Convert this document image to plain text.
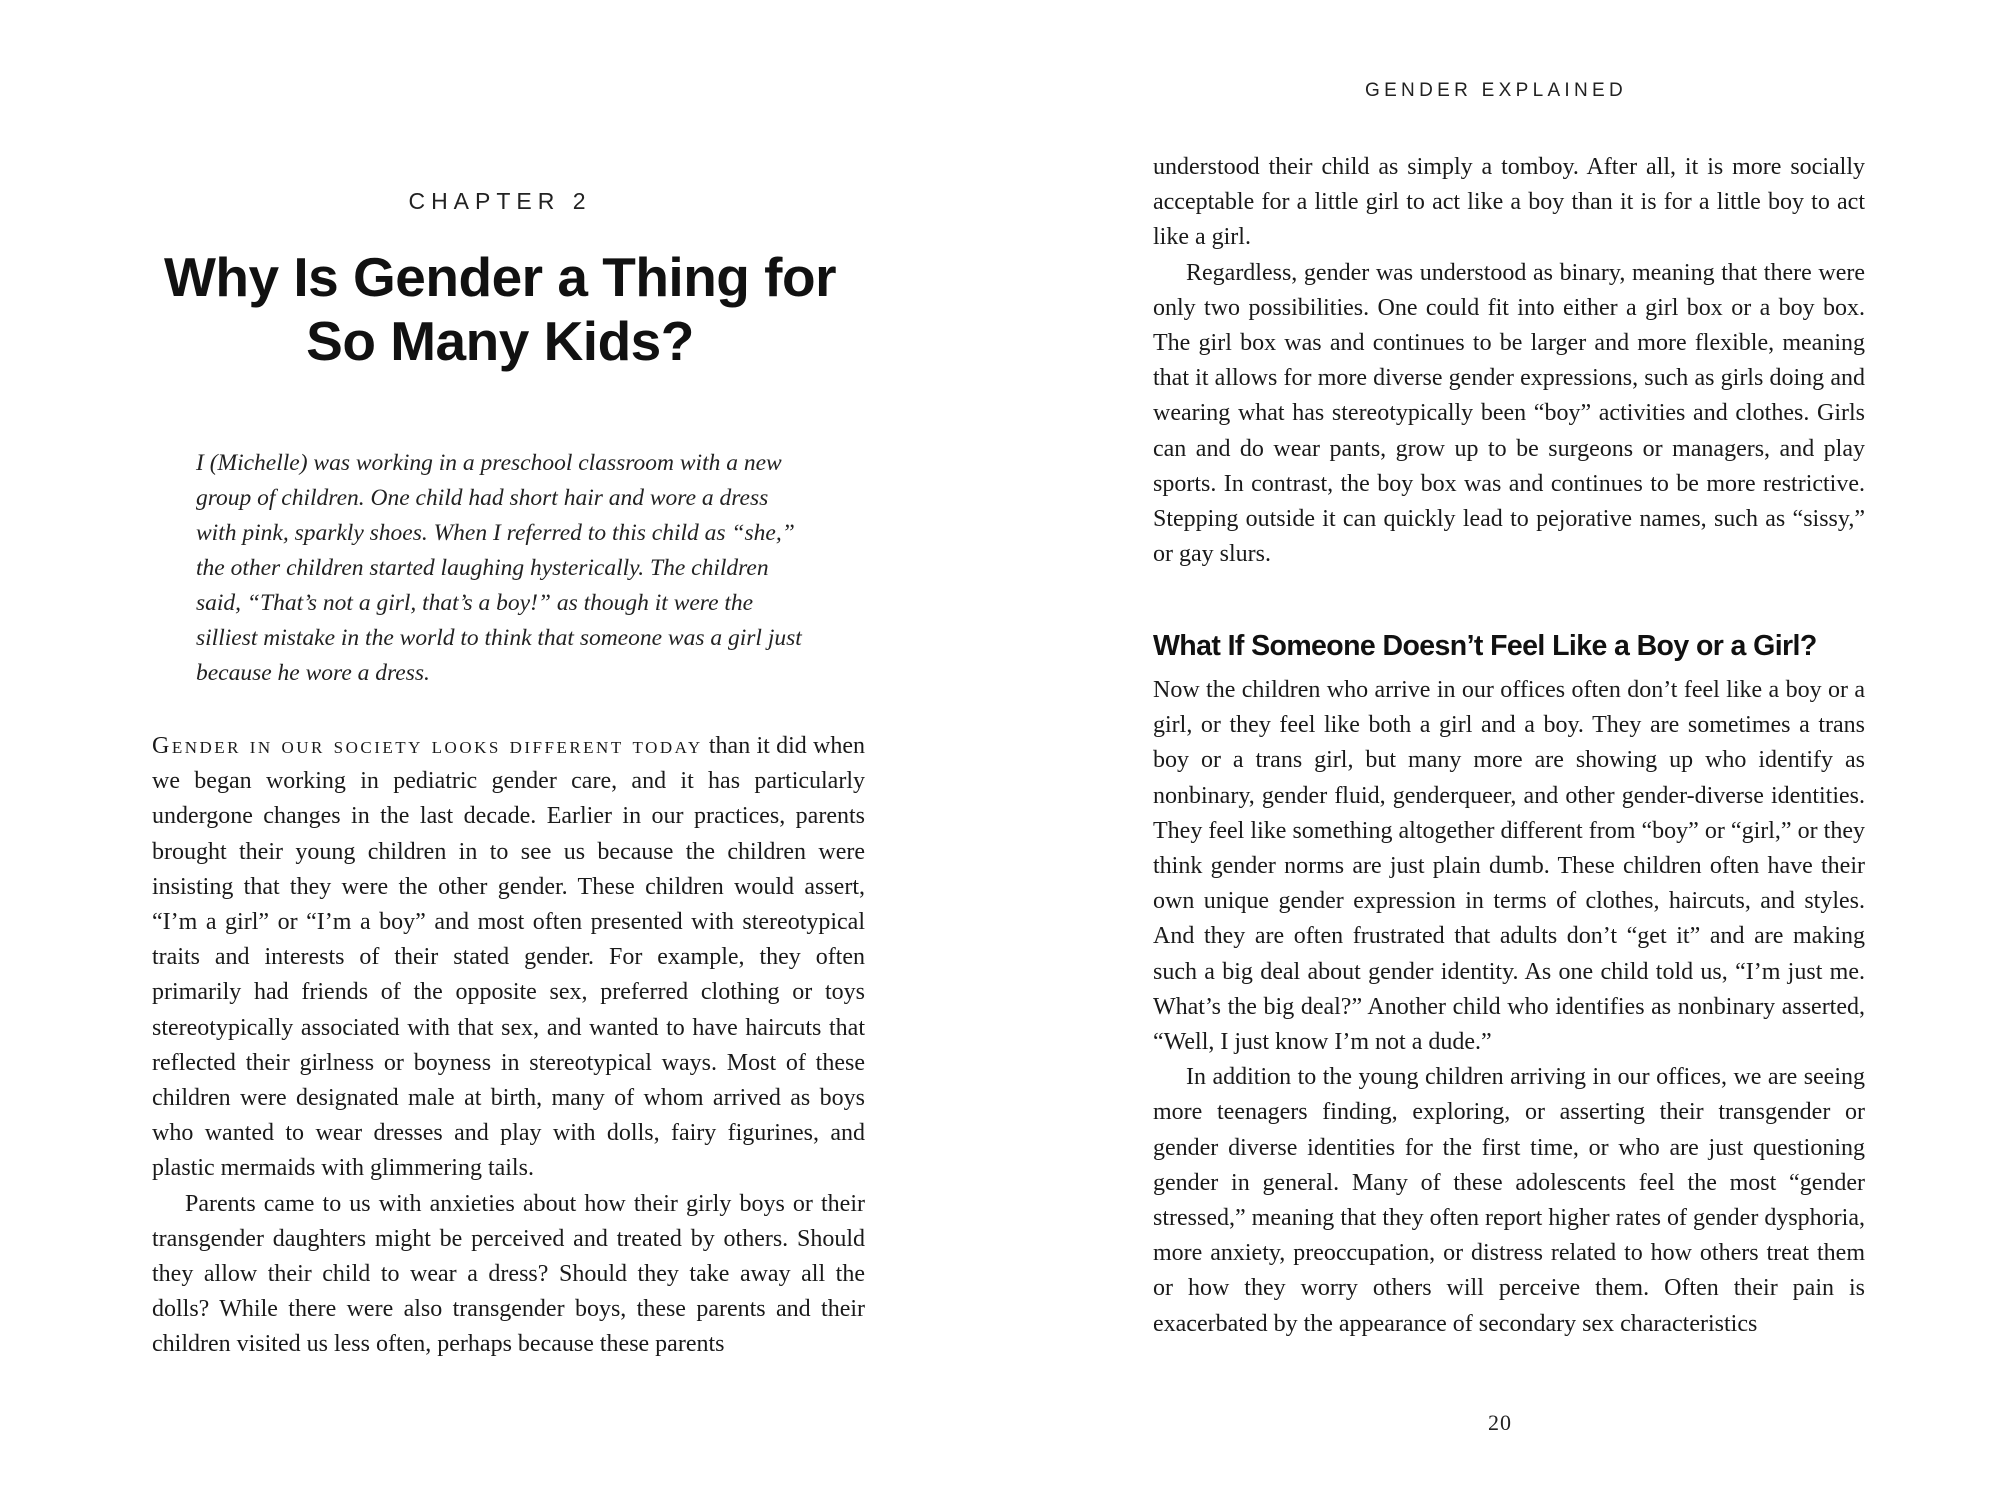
CHAPTER 2
Why Is Gender a Thing for So Many Kids?

I (Michelle) was working in a preschool classroom with a new group of children. One child had short hair and wore a dress with pink, sparkly shoes. When I referred to this child as “she,” the other children started laughing hysterically. The children said, “That’s not a girl, that’s a boy!” as though it were the silliest mistake in the world to think that someone was a girl just because he wore a dress.

Gender in our society looks different today than it did when we began working in pediatric gender care, and it has particularly undergone changes in the last decade. Earlier in our practices, parents brought their young children in to see us because the children were insisting that they were the other gender. These children would assert, “I’m a girl” or “I’m a boy” and most often presented with stereotypical traits and interests of their stated gender. For example, they often primarily had friends of the opposite sex, preferred clothing or toys stereotypically associated with that sex, and wanted to have haircuts that reflected their girlness or boyness in stereotypical ways. Most of these children were designated male at birth, many of whom arrived as boys who wanted to wear dresses and play with dolls, fairy figurines, and plastic mermaids with glimmering tails.

Parents came to us with anxieties about how their girly boys or their transgender daughters might be perceived and treated by others. Should they allow their child to wear a dress? Should they take away all the dolls? While there were also transgender boys, these parents and their children visited us less often, perhaps because these parents

GENDER EXPLAINED

understood their child as simply a tomboy. After all, it is more socially acceptable for a little girl to act like a boy than it is for a little boy to act like a girl.

Regardless, gender was understood as binary, meaning that there were only two possibilities. One could fit into either a girl box or a boy box. The girl box was and continues to be larger and more flexible, meaning that it allows for more diverse gender expressions, such as girls doing and wearing what has stereotypically been “boy” activities and clothes. Girls can and do wear pants, grow up to be surgeons or managers, and play sports. In contrast, the boy box was and continues to be more restrictive. Stepping outside it can quickly lead to pejorative names, such as “sissy,” or gay slurs.

What If Someone Doesn’t Feel Like a Boy or a Girl?

Now the children who arrive in our offices often don’t feel like a boy or a girl, or they feel like both a girl and a boy. They are sometimes a trans boy or a trans girl, but many more are showing up who identify as nonbinary, gender fluid, genderqueer, and other gender-diverse identities. They feel like something altogether different from “boy” or “girl,” or they think gender norms are just plain dumb. These children often have their own unique gender expression in terms of clothes, haircuts, and styles. And they are often frustrated that adults don’t “get it” and are making such a big deal about gender identity. As one child told us, “I’m just me. What’s the big deal?” Another child who identifies as nonbinary asserted, “Well, I just know I’m not a dude.”

In addition to the young children arriving in our offices, we are seeing more teenagers finding, exploring, or asserting their transgender or gender diverse identities for the first time, or who are just questioning gender in general. Many of these adolescents feel the most “gender stressed,” meaning that they often report higher rates of gender dysphoria, more anxiety, preoccupation, or distress related to how others treat them or how they worry others will perceive them. Often their pain is exacerbated by the appearance of secondary sex characteristics

20
